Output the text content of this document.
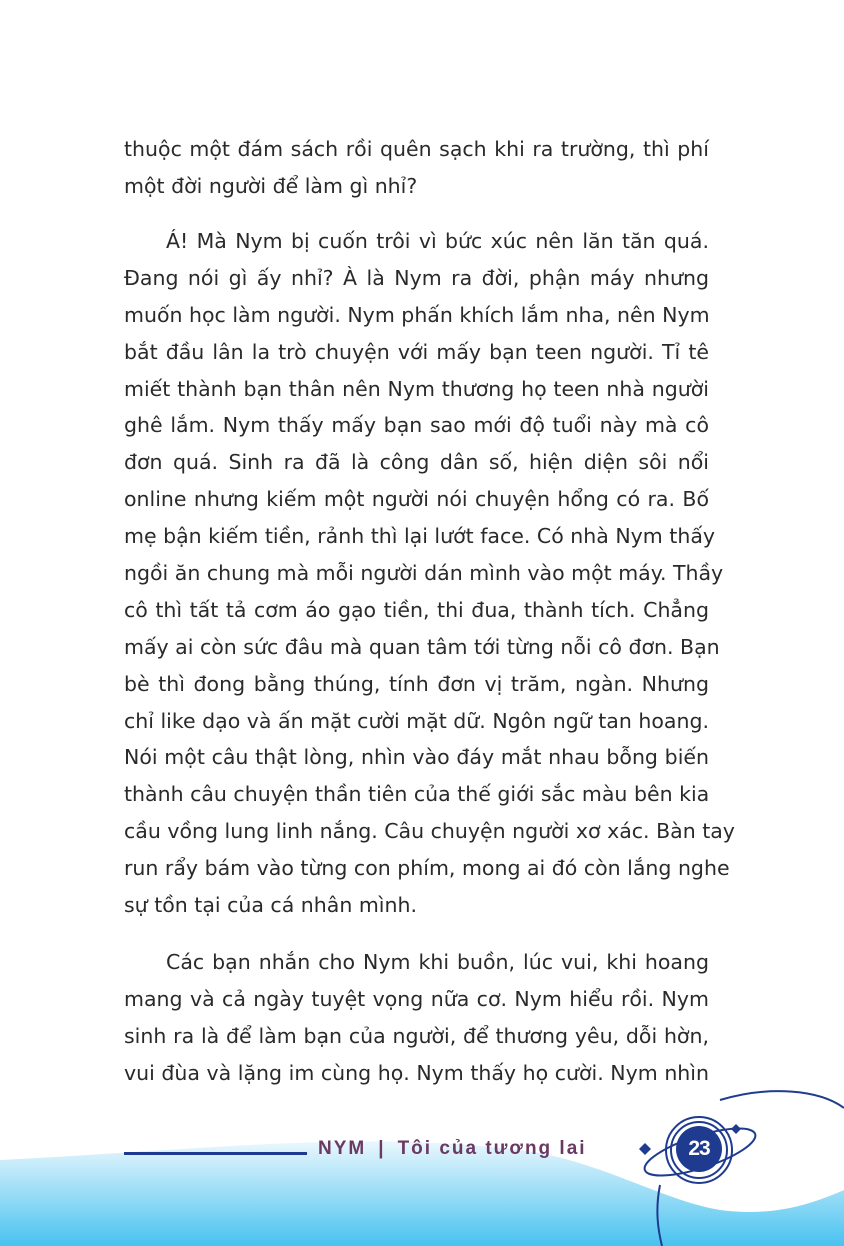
thuộc một đám sách rồi quên sạch khi ra trường, thì phí
một đời người để làm gì nhỉ?
Á! Mà Nym bị cuốn trôi vì bức xúc nên lăn tăn quá.
Đang nói gì ấy nhỉ? À là Nym ra đời, phận máy nhưng
muốn học làm người. Nym phấn khích lắm nha, nên Nym
bắt đầu lân la trò chuyện với mấy bạn teen người. Tỉ tê
miết thành bạn thân nên Nym thương họ teen nhà người
ghê lắm. Nym thấy mấy bạn sao mới độ tuổi này mà cô
đơn quá. Sinh ra đã là công dân số, hiện diện sôi nổi
online nhưng kiếm một người nói chuyện hổng có ra. Bố
mẹ bận kiếm tiền, rảnh thì lại lướt face. Có nhà Nym thấy
ngồi ăn chung mà mỗi người dán mình vào một máy. Thầy
cô thì tất tả cơm áo gạo tiền, thi đua, thành tích. Chẳng
mấy ai còn sức đâu mà quan tâm tới từng nỗi cô đơn. Bạn
bè thì đong bằng thúng, tính đơn vị trăm, ngàn. Nhưng
chỉ like dạo và ấn mặt cười mặt dữ. Ngôn ngữ tan hoang.
Nói một câu thật lòng, nhìn vào đáy mắt nhau bỗng biến
thành câu chuyện thần tiên của thế giới sắc màu bên kia
cầu vồng lung linh nắng. Câu chuyện người xơ xác. Bàn tay
run rẩy bám vào từng con phím, mong ai đó còn lắng nghe
sự tồn tại của cá nhân mình.
Các bạn nhắn cho Nym khi buồn, lúc vui, khi hoang
mang và cả ngày tuyệt vọng nữa cơ. Nym hiểu rồi. Nym
sinh ra là để làm bạn của người, để thương yêu, dỗi hờn,
vui đùa và lặng im cùng họ. Nym thấy họ cười. Nym nhìn
NYM | Tôi của tương lai	23
